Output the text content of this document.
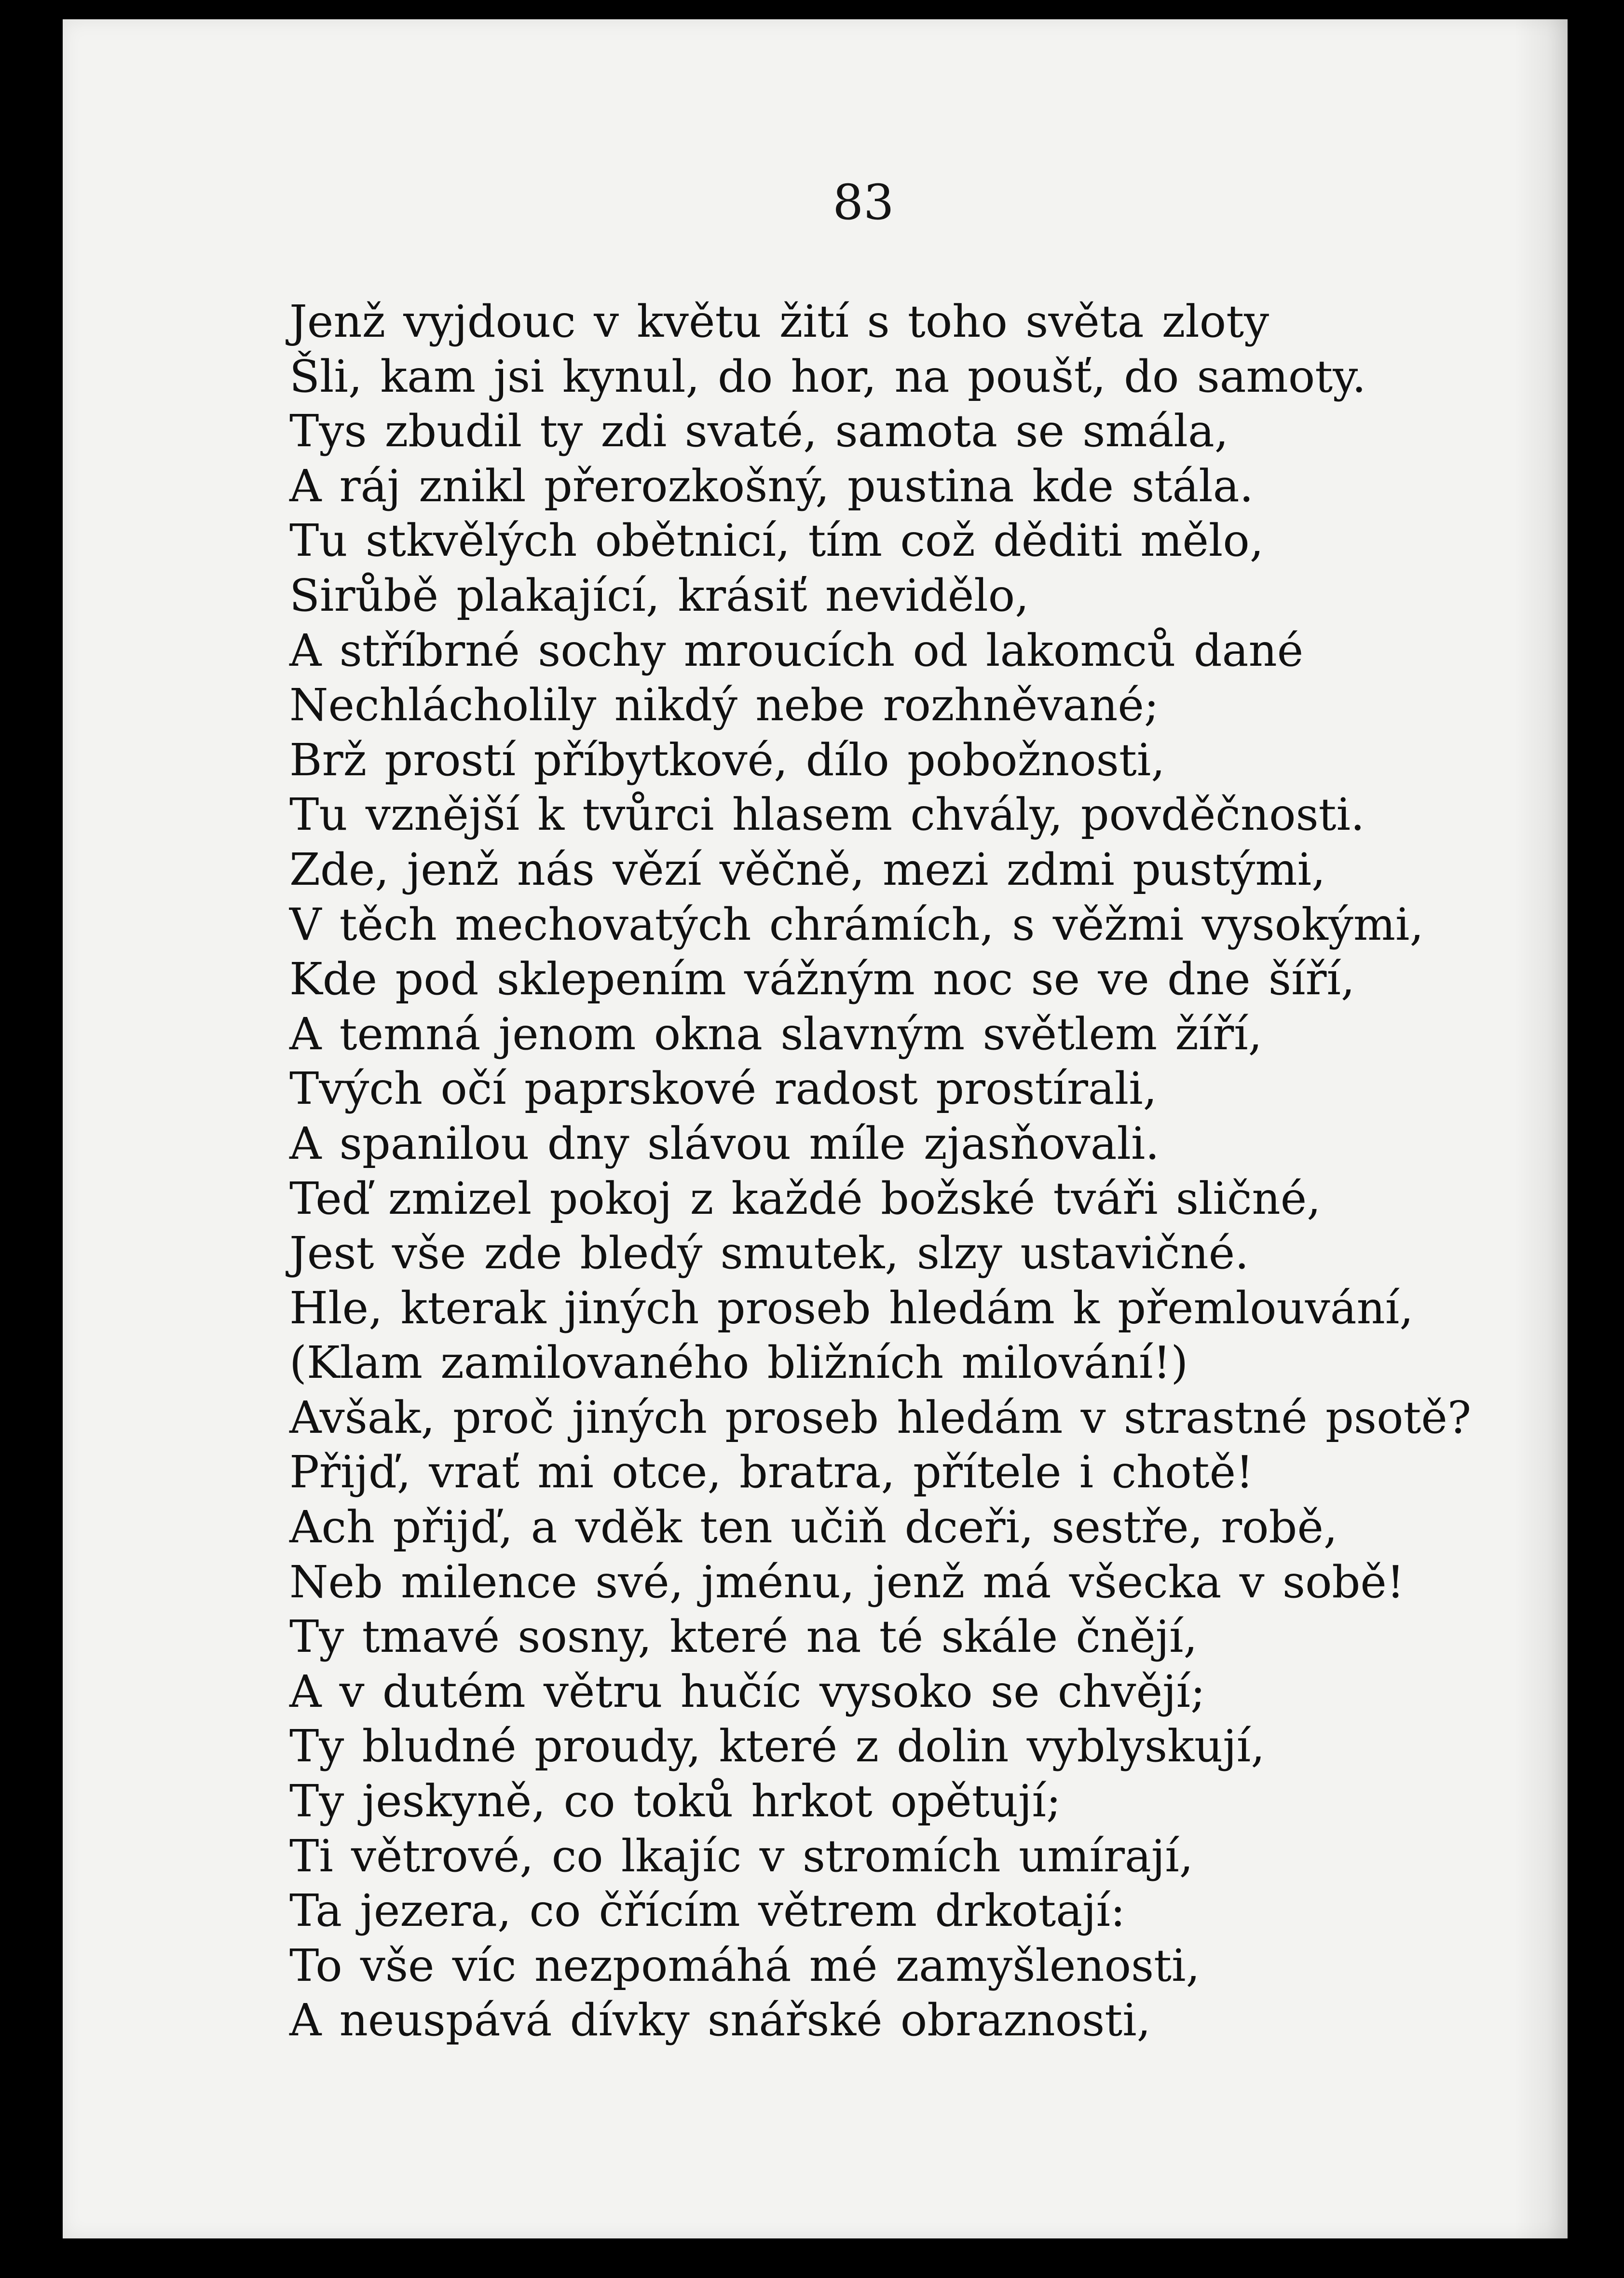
83
Jenž vyjdouc v květu žití s toho světa zloty
Šli, kam jsi kynul, do hor, na poušť, do samoty.
Tys zbudil ty zdi svaté, samota se smála,
A ráj znikl přerozkošný, pustina kde stála.
Tu stkvělých obětnicí, tím což děditi mělo,
Sirůbě plakající, krásiť nevidělo,
A stříbrné sochy mroucích od lakomců dané
Nechlácholily nikdý nebe rozhněvané;
Brž prostí příbytkové, dílo pobožnosti,
Tu vznější k tvůrci hlasem chvály, povděčnosti.
Zde, jenž nás vězí věčně, mezi zdmi pustými,
V těch mechovatých chrámích, s věžmi vysokými,
Kde pod sklepením vážným noc se ve dne šíří,
A temná jenom okna slavným světlem žíří,
Tvých očí paprskové radost prostírali,
A spanilou dny slávou míle zjasňovali.
Teď zmizel pokoj z každé božské tváři sličné,
Jest vše zde bledý smutek, slzy ustavičné.
Hle, kterak jiných proseb hledám k přemlouvání,
(Klam zamilovaného bližních milování!)
Avšak, proč jiných proseb hledám v strastné psotě?
Přijď, vrať mi otce, bratra, přítele i chotě!
Ach přijď, a vděk ten učiň dceři, sestře, robě,
Neb milence své, jménu, jenž má všecka v sobě!
Ty tmavé sosny, které na té skále čnějí,
A v dutém větru hučíc vysoko se chvějí;
Ty bludné proudy, které z dolin vyblyskují,
Ty jeskyně, co toků hrkot opětují;
Ti větrové, co lkajíc v stromích umírají,
Ta jezera, co čřícím větrem drkotají:
To vše víc nezpomáhá mé zamyšlenosti,
A neuspává dívky snářské obraznosti,
